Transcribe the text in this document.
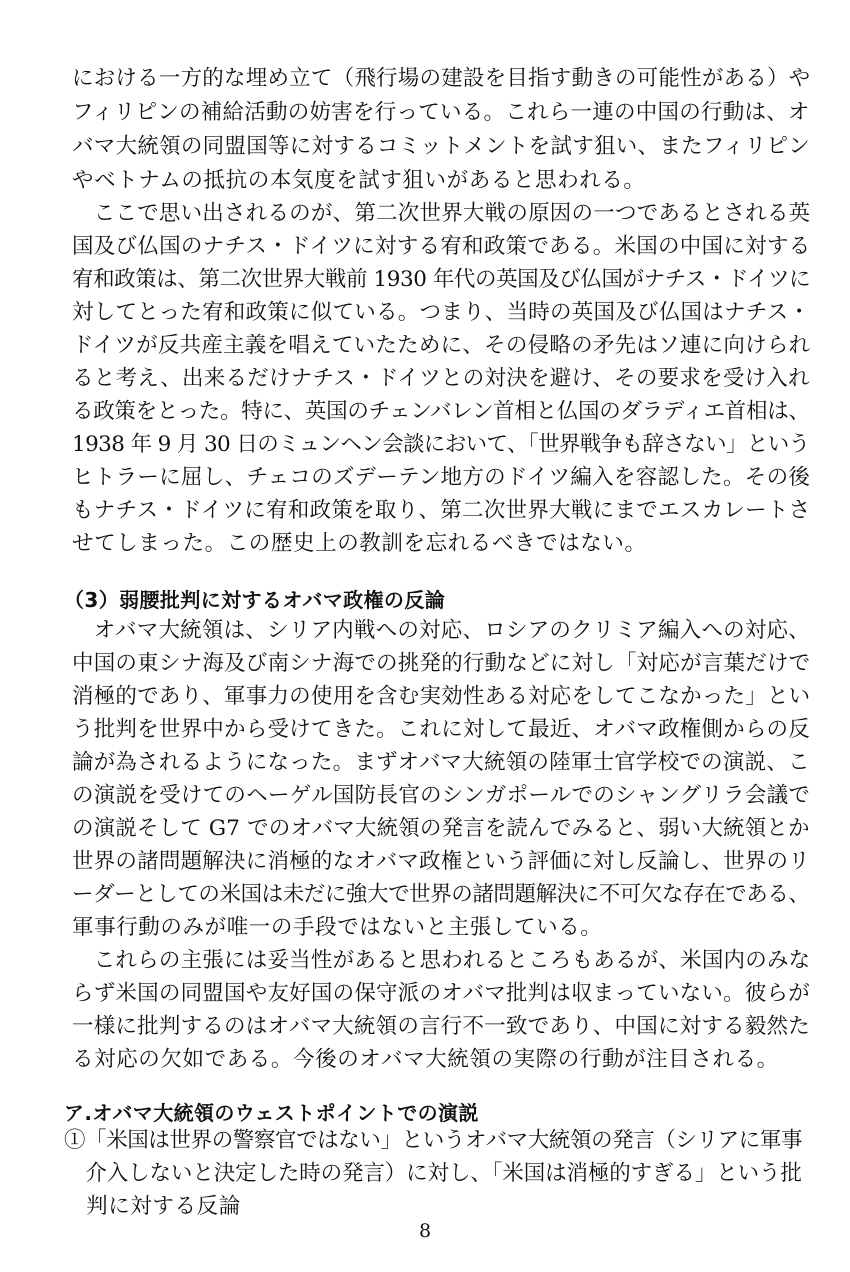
における一方的な埋め立て（飛行場の建設を目指す動きの可能性がある）や
フィリピンの補給活動の妨害を行っている。これら一連の中国の行動は、オ
バマ大統領の同盟国等に対するコミットメントを試す狙い、またフィリピン
やベトナムの抵抗の本気度を試す狙いがあると思われる。
　ここで思い出されるのが、第二次世界大戦の原因の一つであるとされる英
国及び仏国のナチス・ドイツに対する宥和政策である。米国の中国に対する
宥和政策は、第二次世界大戦前 1930 年代の英国及び仏国がナチス・ドイツに
対してとった宥和政策に似ている。つまり、当時の英国及び仏国はナチス・
ドイツが反共産主義を唱えていたために、その侵略の矛先はソ連に向けられ
ると考え、出来るだけナチス・ドイツとの対決を避け、その要求を受け入れ
る政策をとった。特に、英国のチェンバレン首相と仏国のダラディエ首相は、
1938 年 9 月 30 日のミュンヘン会談において、「世界戦争も辞さない」という
ヒトラーに屈し、チェコのズデーテン地方のドイツ編入を容認した。その後
もナチス・ドイツに宥和政策を取り、第二次世界大戦にまでエスカレートさ
せてしまった。この歴史上の教訓を忘れるべきではない。
（3）弱腰批判に対するオバマ政権の反論
　オバマ大統領は、シリア内戦への対応、ロシアのクリミア編入への対応、
中国の東シナ海及び南シナ海での挑発的行動などに対し「対応が言葉だけで
消極的であり、軍事力の使用を含む実効性ある対応をしてこなかった」とい
う批判を世界中から受けてきた。これに対して最近、オバマ政権側からの反
論が為されるようになった。まずオバマ大統領の陸軍士官学校での演説、こ
の演説を受けてのヘーゲル国防長官のシンガポールでのシャングリラ会議で
の演説そして G7 でのオバマ大統領の発言を読んでみると、弱い大統領とか
世界の諸問題解決に消極的なオバマ政権という評価に対し反論し、世界のリ
ーダーとしての米国は未だに強大で世界の諸問題解決に不可欠な存在である、
軍事行動のみが唯一の手段ではないと主張している。
　これらの主張には妥当性があると思われるところもあるが、米国内のみな
らず米国の同盟国や友好国の保守派のオバマ批判は収まっていない。彼らが
一様に批判するのはオバマ大統領の言行不一致であり、中国に対する毅然た
る対応の欠如である。今後のオバマ大統領の実際の行動が注目される。
ア.オバマ大統領のウェストポイントでの演説
①「米国は世界の警察官ではない」というオバマ大統領の発言（シリアに軍事
　介入しないと決定した時の発言）に対し、「米国は消極的すぎる」という批
　判に対する反論
8
